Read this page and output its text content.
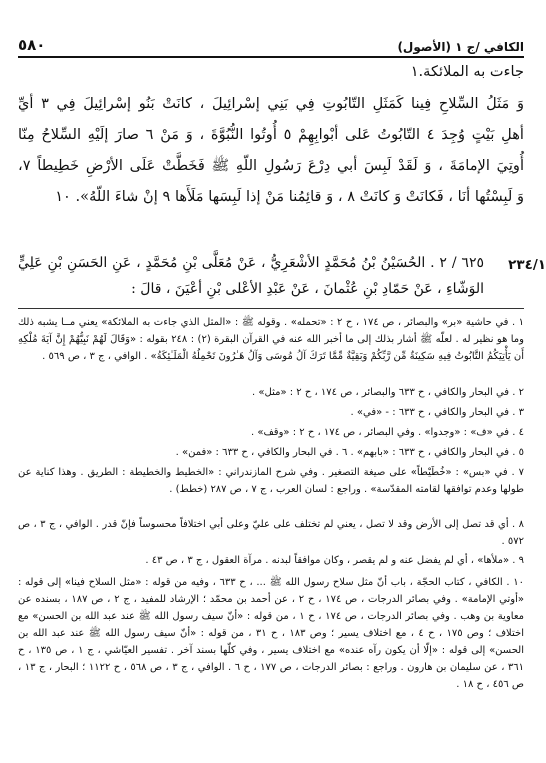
٥٨٠	الكافي /ج ١ (الأصول)
جاءت به الملائكة.١
وَ مَثَلُ السِّلاحِ فِينا كَمَثَلِ التّابُوتِ فِي بَنِي إسْرائِيلَ ، كانَتْ بَنُو إسْرائِيلَ فِي ٣ أيِّ
أهلِ بَيْتٍ وُجِدَ ٤ التّابُوتُ عَلى أبْوابِهِمْ ٥ أُوتُوا النُّبُوَّةَ ، وَ مَنْ ٦ صارَ إلَيْهِ السِّلاحُ مِنّا
أُوتِيَ الإمامَةَ ، وَ لَقَدْ لَبِسَ أبي دِرْعَ رَسُولِ اللّهِ ﷺ فَخَطَّتْ عَلَى الأرْضِ خَطِيطاً ٧،
وَ لَبِسْتُها أنَا ، فَكانَتْ وَ كانَتْ ٨ ، وَ قائِمُنا مَنْ إذا لَبِسَها مَلَأَها ٩ إنْ شاءَ اللّهُ». ١٠
٢٣٤/١
٦٢٥ / ٢ . الحُسَيْنُ بْنُ مُحَمَّدٍ الأشْعَرِيُّ ، عَنْ مُعَلَّى بْنِ مُحَمَّدٍ ، عَنِ الحَسَنِ بْنِ عَلِيٍّ
الوَشّاءِ ، عَنْ حَمّادِ بْنِ عُثْمانَ ، عَنْ عَبْدِ الأعْلى بْنِ أعْيَنَ ، قالَ :
١ . في حاشية «بر» والبصائر ، ص ١٧٤ ، ح ٢ : «تحمله» . وقوله ﷺ : «المثل الذي جاءت به الملائكة» يعني مــا يشبه ذلك وما هو نظير له . لعلّه ﷺ أشار بذلك إلى ما أخبر الله عنه في القرآن البقرة (٢) : ٢٤٨ بقوله : «وَقَالَ لَهُمْ نَبِيُّهُمْ إِنَّ آيَةَ مُلْكِهِ أَن يَأْتِيَكُمُ التَّابُوتُ فِيهِ سَكِينَةٌ مِّن رَّبِّكُمْ وَبَقِيَّةٌ مِّمَّا تَرَكَ آلُ مُوسَى وَآلُ هَـٰرُونَ تَحْمِلُهُ الْمَلَـٰئِكَةُ» . الوافي ، ج ٣ ، ص ٥٦٩ .
٢ . في البحار والكافي ، ح ٦٣٣ والبصائر ، ص ١٧٤ ، ح ٢ : «مثل» .
٣ . في البحار والكافي ، ح ٦٣٣ : - «في» .
٤ . في «ف» : «وجدوا» . وفي البصائر ، ص ١٧٤ ، ح ٢ : «وقف» .
٥ . في البحار والكافي ، ح ٦٣٣ : «بابهم» . ٦ . في البحار والكافي ، ح ٦٣٣ : «فمن» .
٧ . في «بس» : «خُطَيْطاً» على صيغة التصغير . وفي شرح المازندراني : «الخطيط والخطيطة : الطريق . وهذا كناية عن طولها وعدم توافقها لقامته المقدّسة» . وراجع : لسان العرب ، ج ٧ ، ص ٢٨٧ (خطط) .
٨ . أي قد تصل إلى الأرض وقد لا تصل ، يعني لم تختلف على عليّ وعلى أبي اختلافاً محسوساً فإنّ قدر . الوافي ، ج ٣ ، ص ٥٧٢ .
٩ . «ملأها» ، أي لم يفضل عنه و لم يقصر ، وكان موافقاً لبدنه . مرآة العقول ، ج ٣ ، ص ٤٣ .
١٠ . الكافي ، كتاب الحجّة ، باب أنّ مثل سلاح رسول الله ﷺ ... ، ح ٦٣٣ ، وفيه من قوله : «مثل السلاح فينا» إلى قوله : «أوتي الإمامة» . وفي بصائر الدرجات ، ص ١٧٤ ، ح ٢ ، عن أحمد بن محمّد ؛ الإرشاد للمفيد ، ج ٢ ، ص ١٨٧ ، بسنده عن معاوية بن وهب . وفي بصائر الدرجات ، ص ١٧٤ ، ح ١ ، من قوله : «أنّ سيف رسول الله ﷺ عند عبد الله بن الحسن» مع اختلاف ؛ وص ١٧٥ ، ح ٤ ، مع اختلاف يسير ؛ وص ١٨٣ ، ح ٣١ ، من قوله : «أنّ سيف رسول الله ﷺ عند عبد الله بن الحسن» إلى قوله : «إلّا أن يكون رآه عنده» مع اختلاف يسير ، وفي كلّها بسند آخر . تفسير العيّاشي ، ج ١ ، ص ١٣٥ ، ح ٣٦١ ، عن سليمان بن هارون . وراجع : بصائر الدرجات ، ص ١٧٧ ، ح ٦ . الوافي ، ج ٣ ، ص ٥٦٨ ، ح ١١٢٢ ؛ البحار ، ج ١٣ ، ص ٤٥٦ ، ح ١٨ .
